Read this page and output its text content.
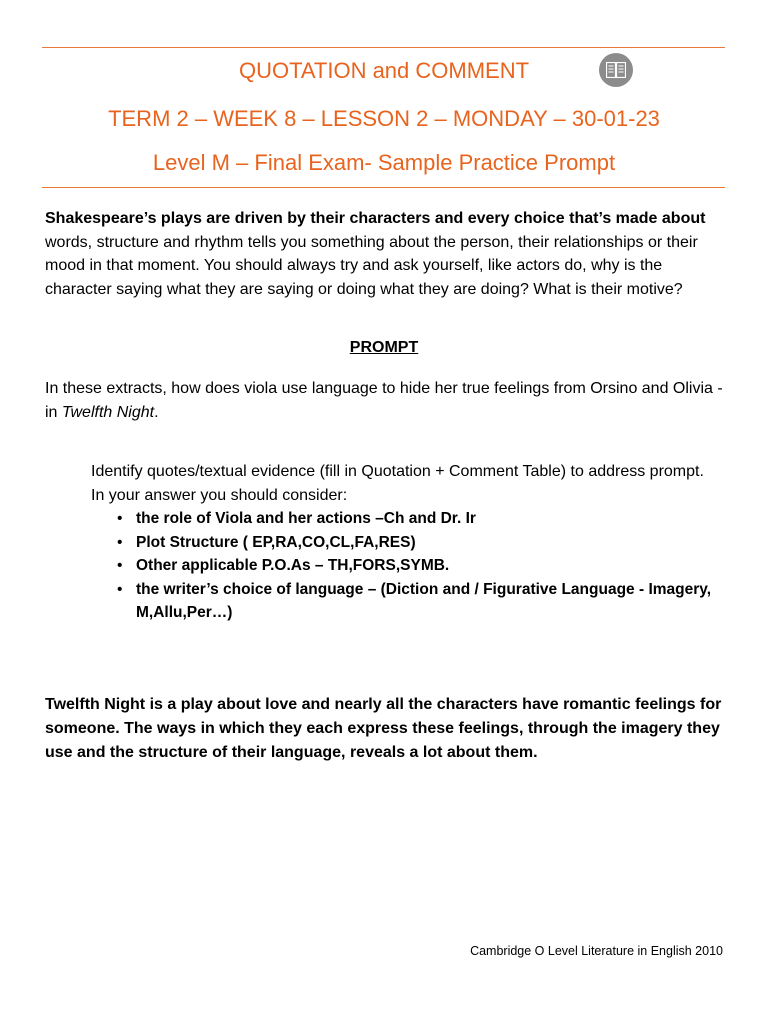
QUOTATION and COMMENT
TERM 2 – WEEK 8 – LESSON 2 – MONDAY – 30-01-23
Level M – Final Exam- Sample Practice Prompt
Shakespeare’s plays are driven by their characters and every choice that’s made about words, structure and rhythm tells you something about the person, their relationships or their mood in that moment. You should always try and ask yourself, like actors do, why is the character saying what they are saying or doing what they are doing? What is their motive?
PROMPT
In these extracts, how does viola use language to hide her true feelings from Orsino and Olivia - in Twelfth Night.
Identify quotes/textual evidence (fill in Quotation + Comment Table) to address prompt.
In your answer you should consider:
• the role of Viola and her actions –Ch and Dr. Ir
• Plot Structure ( EP,RA,CO,CL,FA,RES)
• Other applicable P.O.As – TH,FORS,SYMB.
• the writer’s choice of language – (Diction and / Figurative Language - Imagery, M,Allu,Per…)
Twelfth Night is a play about love and nearly all the characters have romantic feelings for someone. The ways in which they each express these feelings, through the imagery they use and the structure of their language, reveals a lot about them.
Cambridge O Level Literature in English 2010
